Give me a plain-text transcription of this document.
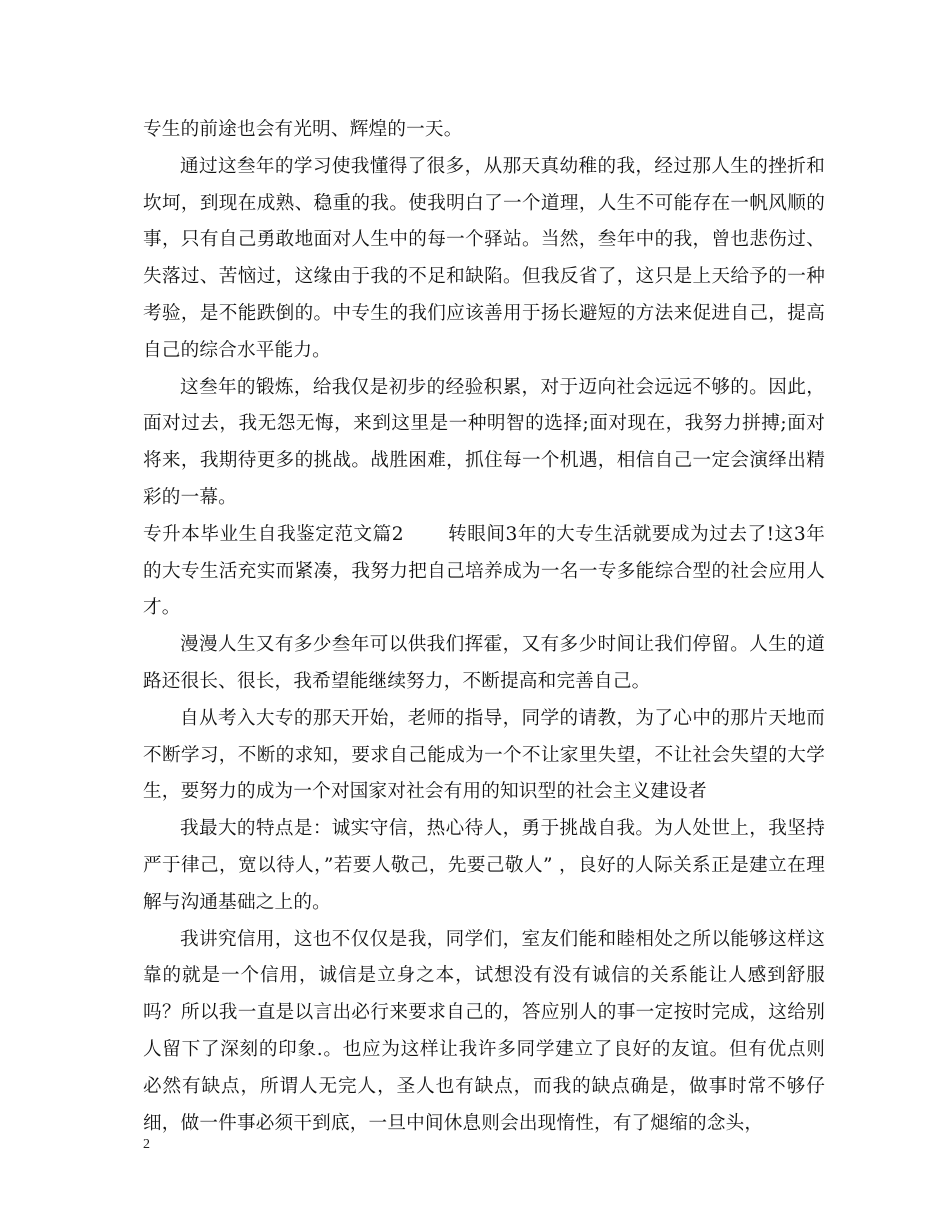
专生的前途也会有光明、辉煌的一天。

通过这叁年的学习使我懂得了很多，从那天真幼稚的我，经过那人生的挫折和坎坷，到现在成熟、稳重的我。使我明白了一个道理，人生不可能存在一帆风顺的事，只有自己勇敢地面对人生中的每一个驿站。当然，叁年中的我，曾也悲伤过、失落过、苦恼过，这缘由于我的不足和缺陷。但我反省了，这只是上天给予的一种考验，是不能跌倒的。中专生的我们应该善用于扬长避短的方法来促进自己，提高自己的综合水平能力。

这叁年的锻炼，给我仅是初步的经验积累，对于迈向社会远远不够的。因此，面对过去，我无怨无悔，来到这里是一种明智的选择;面对现在，我努力拼搏;面对将来，我期待更多的挑战。战胜困难，抓住每一个机遇，相信自己一定会演绎出精彩的一幕。

专升本毕业生自我鉴定范文篇2 转眼间3年的大专生活就要成为过去了!这3年的大专生活充实而紧凑，我努力把自己培养成为一名一专多能综合型的社会应用人才。

漫漫人生又有多少叁年可以供我们挥霍，又有多少时间让我们停留。人生的道路还很长、很长，我希望能继续努力，不断提高和完善自己。

自从考入大专的那天开始，老师的指导，同学的请教，为了心中的那片天地而不断学习，不断的求知，要求自己能成为一个不让家里失望，不让社会失望的大学生，要努力的成为一个对国家对社会有用的知识型的社会主义建设者

我最大的特点是：诚实守信，热心待人，勇于挑战自我。为人处世上，我坚持严于律己，宽以待人，”若要人敬己，先要己敬人” ，良好的人际关系正是建立在理解与沟通基础之上的。

我讲究信用，这也不仅仅是我，同学们，室友们能和睦相处之所以能够这样这靠的就是一个信用，诚信是立身之本，试想没有没有诚信的关系能让人感到舒服吗？所以我一直是以言出必行来要求自己的，答应别人的事一定按时完成，这给别人留下了深刻的印象.。也应为这样让我许多同学建立了良好的友谊。但有优点则必然有缺点，所谓人无完人，圣人也有缺点，而我的缺点确是，做事时常不够仔细，做一件事必须干到底，一旦中间休息则会出现惰性，有了煺缩的念头，

2
